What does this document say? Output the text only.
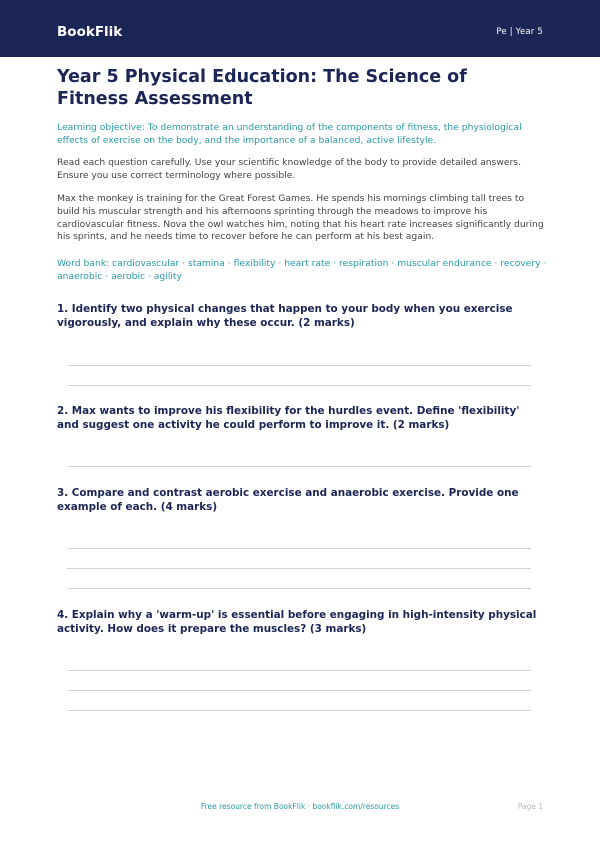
BookFlik	Pe | Year 5
Year 5 Physical Education: The Science of Fitness Assessment

Learning objective: To demonstrate an understanding of the components of fitness, the physiological effects of exercise on the body, and the importance of a balanced, active lifestyle.

Read each question carefully. Use your scientific knowledge of the body to provide detailed answers. Ensure you use correct terminology where possible.

Max the monkey is training for the Great Forest Games. He spends his mornings climbing tall trees to build his muscular strength and his afternoons sprinting through the meadows to improve his cardiovascular fitness. Nova the owl watches him, noting that his heart rate increases significantly during his sprints, and he needs time to recover before he can perform at his best again.

Word bank: cardiovascular · stamina · flexibility · heart rate · respiration · muscular endurance · recovery · anaerobic · aerobic · agility

1. Identify two physical changes that happen to your body when you exercise vigorously, and explain why these occur. (2 marks)

2. Max wants to improve his flexibility for the hurdles event. Define 'flexibility' and suggest one activity he could perform to improve it. (2 marks)

3. Compare and contrast aerobic exercise and anaerobic exercise. Provide one example of each. (4 marks)

4. Explain why a 'warm-up' is essential before engaging in high-intensity physical activity. How does it prepare the muscles? (3 marks)

Free resource from BookFlik · bookflik.com/resources	Page 1
